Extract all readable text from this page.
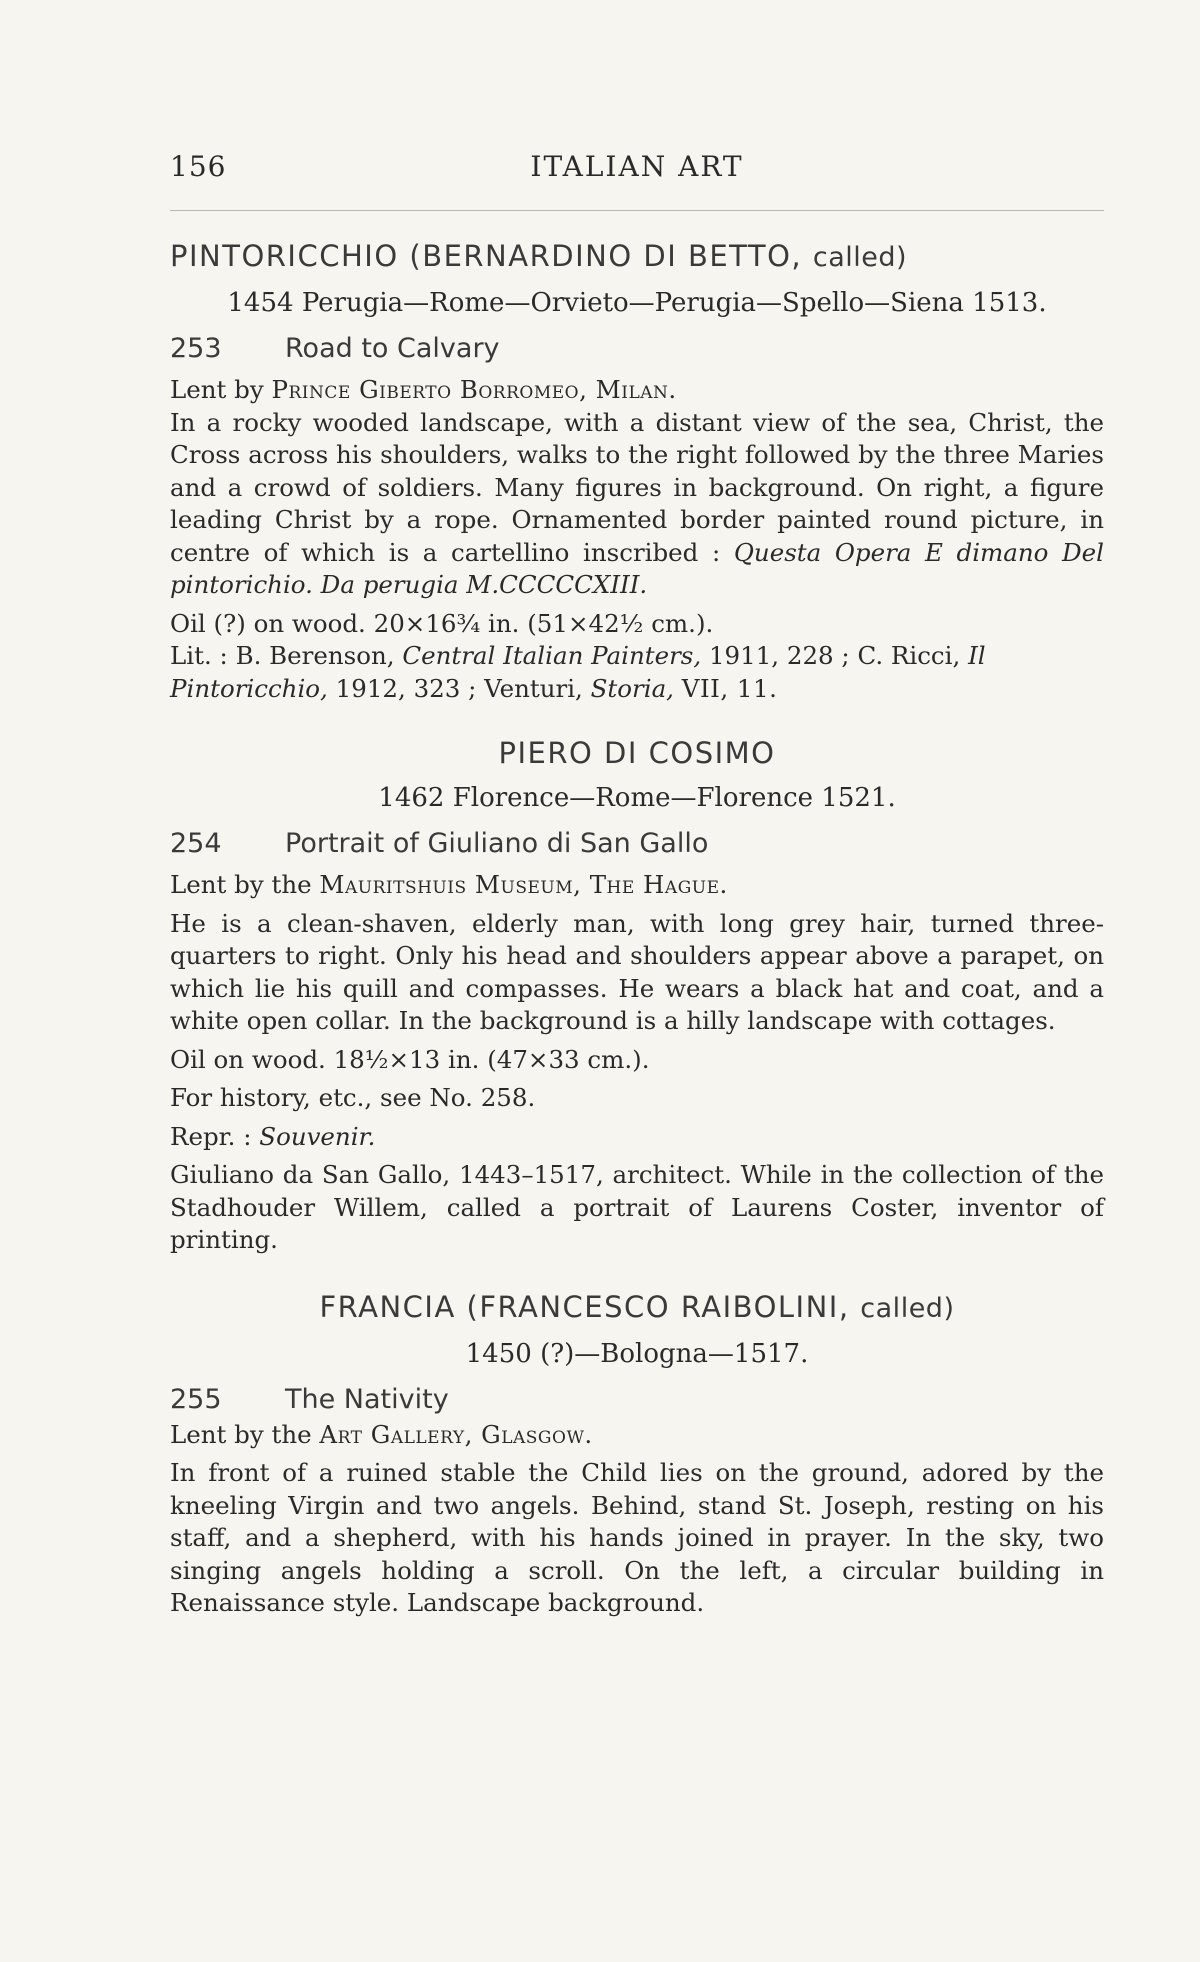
156	ITALIAN ART
PINTORICCHIO (BERNARDINO DI BETTO, called)
1454 Perugia—Rome—Orvieto—Perugia—Spello—Siena 1513.
253 Road to Calvary
Lent by Prince Giberto Borromeo, Milan.

In a rocky wooded landscape, with a distant view of the sea, Christ, the Cross across his shoulders, walks to the right followed by the three Maries and a crowd of soldiers. Many figures in background. On right, a figure leading Christ by a rope. Ornamented border painted round picture, in centre of which is a cartellino inscribed : Questa Opera E dimano Del pintorichio. Da perugia M.CCCCCXIII.

Oil (?) on wood. 20×16¾ in. (51×42½ cm.).
Lit. : B. Berenson, Central Italian Painters, 1911, 228 ; C. Ricci, Il Pintoricchio, 1912, 323 ; Venturi, Storia, VII, 11.
PIERO DI COSIMO
1462 Florence—Rome—Florence 1521.
254 Portrait of Giuliano di San Gallo
Lent by the Mauritshuis Museum, The Hague.

He is a clean-shaven, elderly man, with long grey hair, turned three-quarters to right. Only his head and shoulders appear above a parapet, on which lie his quill and compasses. He wears a black hat and coat, and a white open collar. In the background is a hilly landscape with cottages.

Oil on wood. 18½×13 in. (47×33 cm.).
For history, etc., see No. 258.
Repr. : Souvenir.

Giuliano da San Gallo, 1443–1517, architect. While in the collection of the Stadhouder Willem, called a portrait of Laurens Coster, inventor of printing.

FRANCIA (FRANCESCO RAIBOLINI, called)
1450 (?)—Bologna—1517.
255 The Nativity
Lent by the Art Gallery, Glasgow.

In front of a ruined stable the Child lies on the ground, adored by the kneeling Virgin and two angels. Behind, stand St. Joseph, resting on his staff, and a shepherd, with his hands joined in prayer. In the sky, two singing angels holding a scroll. On the left, a circular building in Renaissance style. Landscape background.
